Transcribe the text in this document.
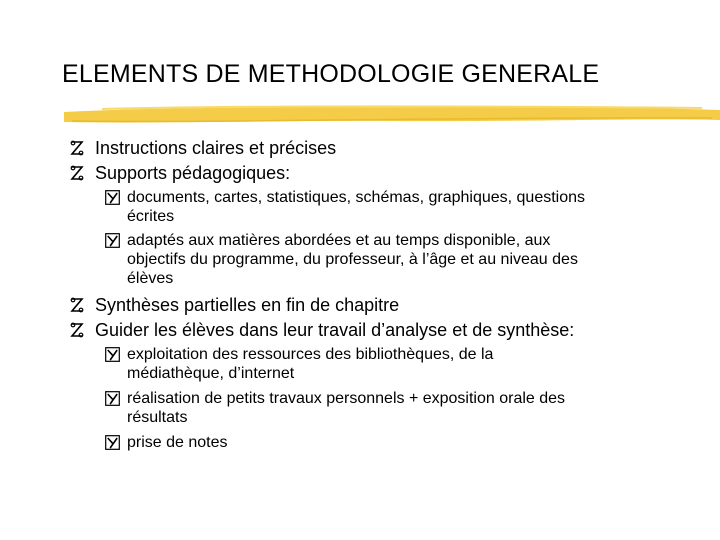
ELEMENTS DE METHODOLOGIE GENERALE
Instructions claires et précises
Supports pédagogiques:
documents, cartes, statistiques, schémas, graphiques, questions
écrites
adaptés aux matières abordées et au temps disponible, aux
objectifs du programme, du professeur, à l’âge et au niveau des
élèves
Synthèses partielles en fin de chapitre
Guider les élèves dans leur travail d’analyse et de synthèse:
exploitation des ressources des bibliothèques, de la
médiathèque, d’internet
réalisation de petits travaux personnels + exposition orale des
résultats
prise de notes
